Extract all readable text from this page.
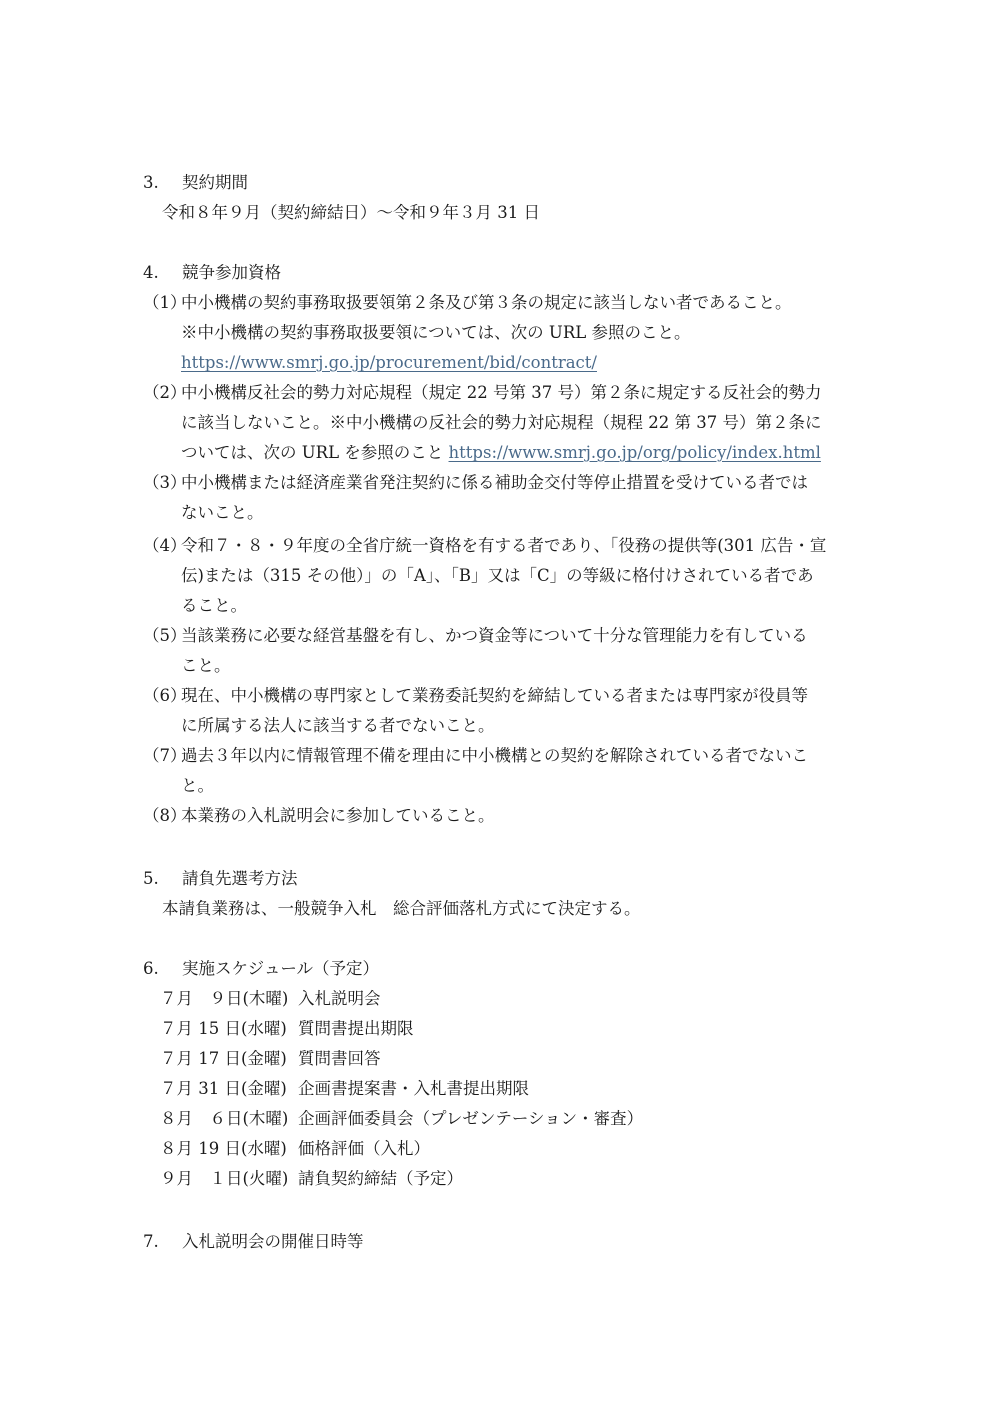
3. 契約期間
令和８年９月（契約締結日）〜令和９年３月 31 日
4. 競争参加資格
（1）中小機構の契約事務取扱要領第２条及び第３条の規定に該当しない者であること。
※中小機構の契約事務取扱要領については、次の URL 参照のこと。
https://www.smrj.go.jp/procurement/bid/contract/
（2）中小機構反社会的勢力対応規程（規定 22 号第 37 号）第２条に規定する反社会的勢力
に該当しないこと。※中小機構の反社会的勢力対応規程（規程 22 第 37 号）第２条に
ついては、次の URL を参照のこと https://www.smrj.go.jp/org/policy/index.html
（3）中小機構または経済産業省発注契約に係る補助金交付等停止措置を受けている者では
ないこと。
（4）令和７・８・９年度の全省庁統一資格を有する者であり、「役務の提供等(301 広告・宣
伝)または（315 その他）」の「A」、「B」又は「C」の等級に格付けされている者であ
ること。
（5）当該業務に必要な経営基盤を有し、かつ資金等について十分な管理能力を有している
こと。
（6）現在、中小機構の専門家として業務委託契約を締結している者または専門家が役員等
に所属する法人に該当する者でないこと。
（7）過去３年以内に情報管理不備を理由に中小機構との契約を解除されている者でないこ
と。
（8）本業務の入札説明会に参加していること。
5. 請負先選考方法
本請負業務は、一般競争入札　総合評価落札方式にて決定する。
6. 実施スケジュール（予定）
７月　９日(木曜) 入札説明会
７月 15 日(水曜) 質問書提出期限
７月 17 日(金曜) 質問書回答
７月 31 日(金曜) 企画書提案書・入札書提出期限
８月　６日(木曜) 企画評価委員会（プレゼンテーション・審査）
８月 19 日(水曜) 価格評価（入札）
９月　１日(火曜) 請負契約締結（予定）
7. 入札説明会の開催日時等
